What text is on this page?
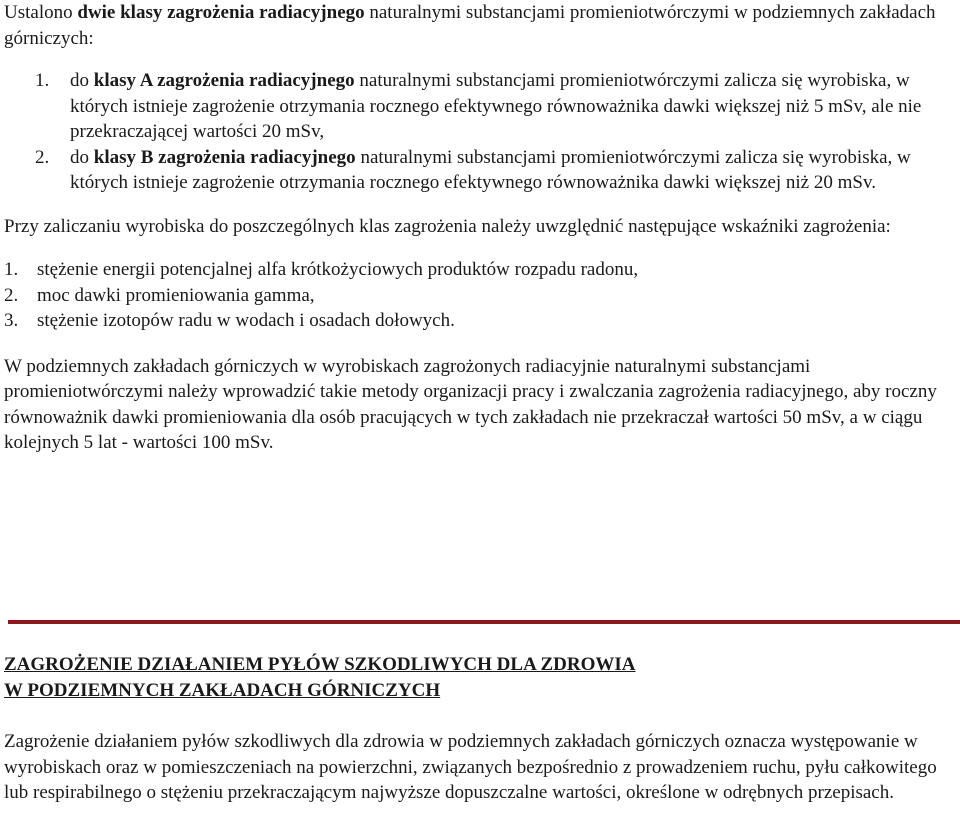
Ustalono dwie klasy zagrożenia radiacyjnego naturalnymi substancjami promieniotwórczymi w podziemnych zakładach górniczych:

1. do klasy A zagrożenia radiacyjnego naturalnymi substancjami promieniotwórczymi zalicza się wyrobiska, w których istnieje zagrożenie otrzymania rocznego efektywnego równoważnika dawki większej niż 5 mSv, ale nie przekraczającej wartości 20 mSv,
2. do klasy B zagrożenia radiacyjnego naturalnymi substancjami promieniotwórczymi zalicza się wyrobiska, w których istnieje zagrożenie otrzymania rocznego efektywnego równoważnika dawki większej niż 20 mSv.

Przy zaliczaniu wyrobiska do poszczególnych klas zagrożenia należy uwzględnić następujące wskaźniki zagrożenia:

1. stężenie energii potencjalnej alfa krótkożyciowych produktów rozpadu radonu,
2. moc dawki promieniowania gamma,
3. stężenie izotopów radu w wodach i osadach dołowych.

W podziemnych zakładach górniczych w wyrobiskach zagrożonych radiacyjnie naturalnymi substancjami promieniotwórczymi należy wprowadzić takie metody organizacji pracy i zwalczania zagrożenia radiacyjnego, aby roczny równoważnik dawki promieniowania dla osób pracujących w tych zakładach nie przekraczał wartości 50 mSv, a w ciągu kolejnych 5 lat - wartości 100 mSv.

ZAGROŻENIE DZIAŁANIEM PYŁÓW SZKODLIWYCH DLA ZDROWIA
W PODZIEMNYCH ZAKŁADACH GÓRNICZYCH

Zagrożenie działaniem pyłów szkodliwych dla zdrowia w podziemnych zakładach górniczych oznacza występowanie w wyrobiskach oraz w pomieszczeniach na powierzchni, związanych bezpośrednio z prowadzeniem ruchu, pyłu całkowitego lub respirabilnego o stężeniu przekraczającym najwyższe dopuszczalne wartości, określone w odrębnych przepisach.
